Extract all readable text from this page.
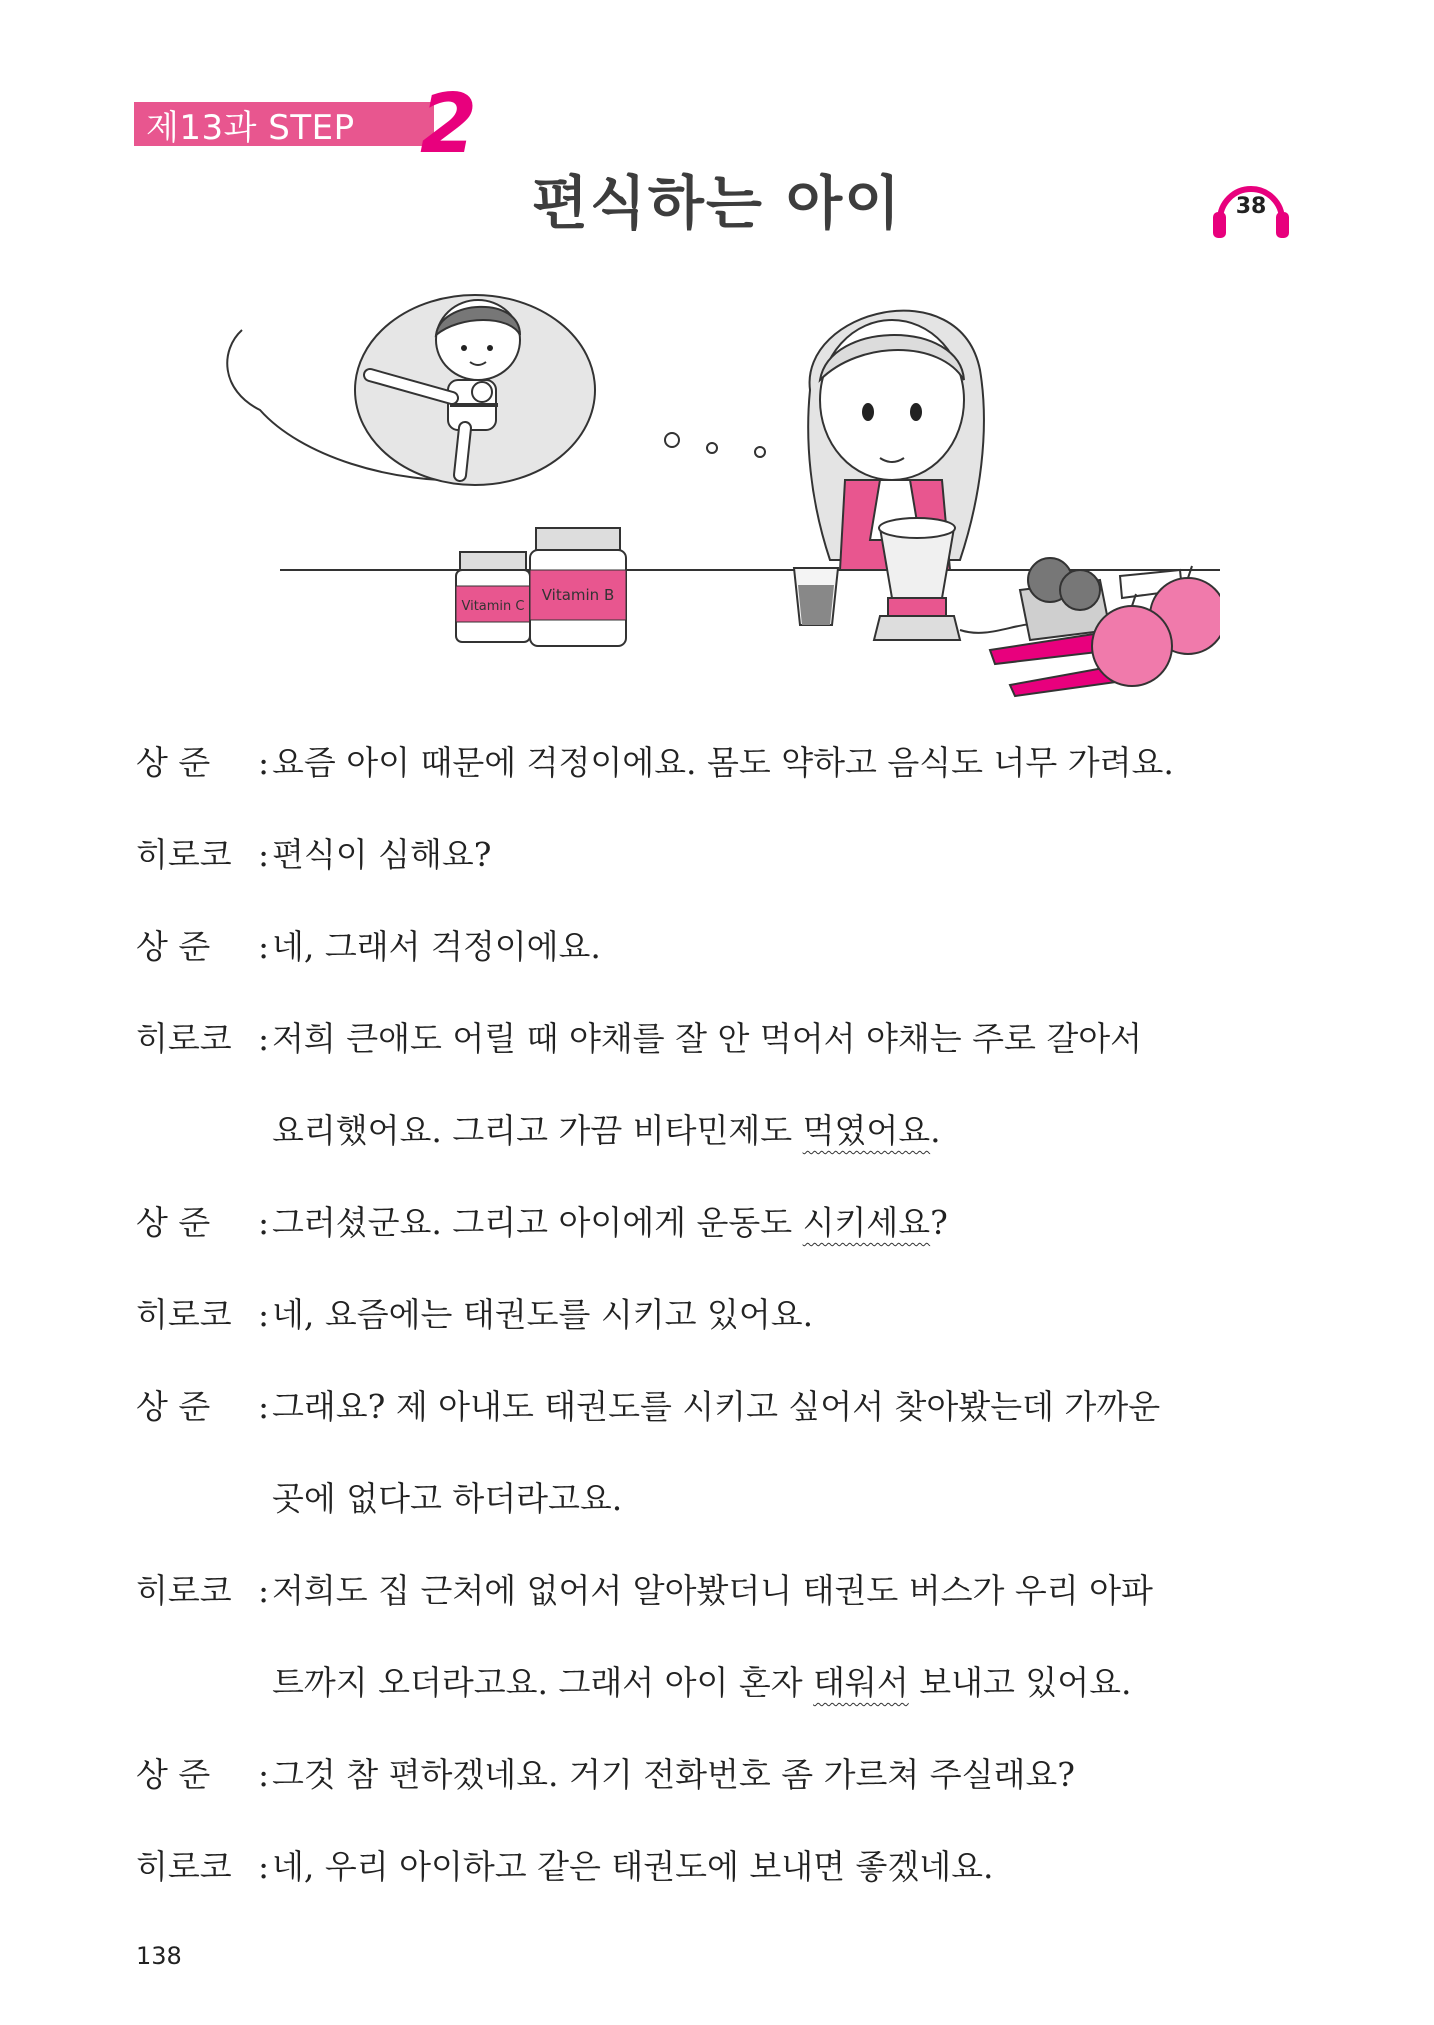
제13과 STEP 2
편식하는 아이	38
Vitamin C
Vitamin B
상 준	: 요즘 아이 때문에 걱정이에요. 몸도 약하고 음식도 너무 가려요.
히로코 : 편식이 심해요?
상 준	: 네, 그래서 걱정이에요.
히로코 : 저희 큰애도 어릴 때 야채를 잘 안 먹어서 야채는 주로 갈아서
요리했어요. 그리고 가끔 비타민제도 먹였어요.
상 준	: 그러셨군요. 그리고 아이에게 운동도 시키세요?
히로코 : 네, 요즘에는 태권도를 시키고 있어요.
상 준	: 그래요? 제 아내도 태권도를 시키고 싶어서 찾아봤는데 가까운
곳에 없다고 하더라고요.
히로코 : 저희도 집 근처에 없어서 알아봤더니 태권도 버스가 우리 아파
트까지 오더라고요. 그래서 아이 혼자 태워서 보내고 있어요.
상 준	: 그것 참 편하겠네요. 거기 전화번호 좀 가르쳐 주실래요?
히로코 : 네, 우리 아이하고 같은 태권도에 보내면 좋겠네요.
138
